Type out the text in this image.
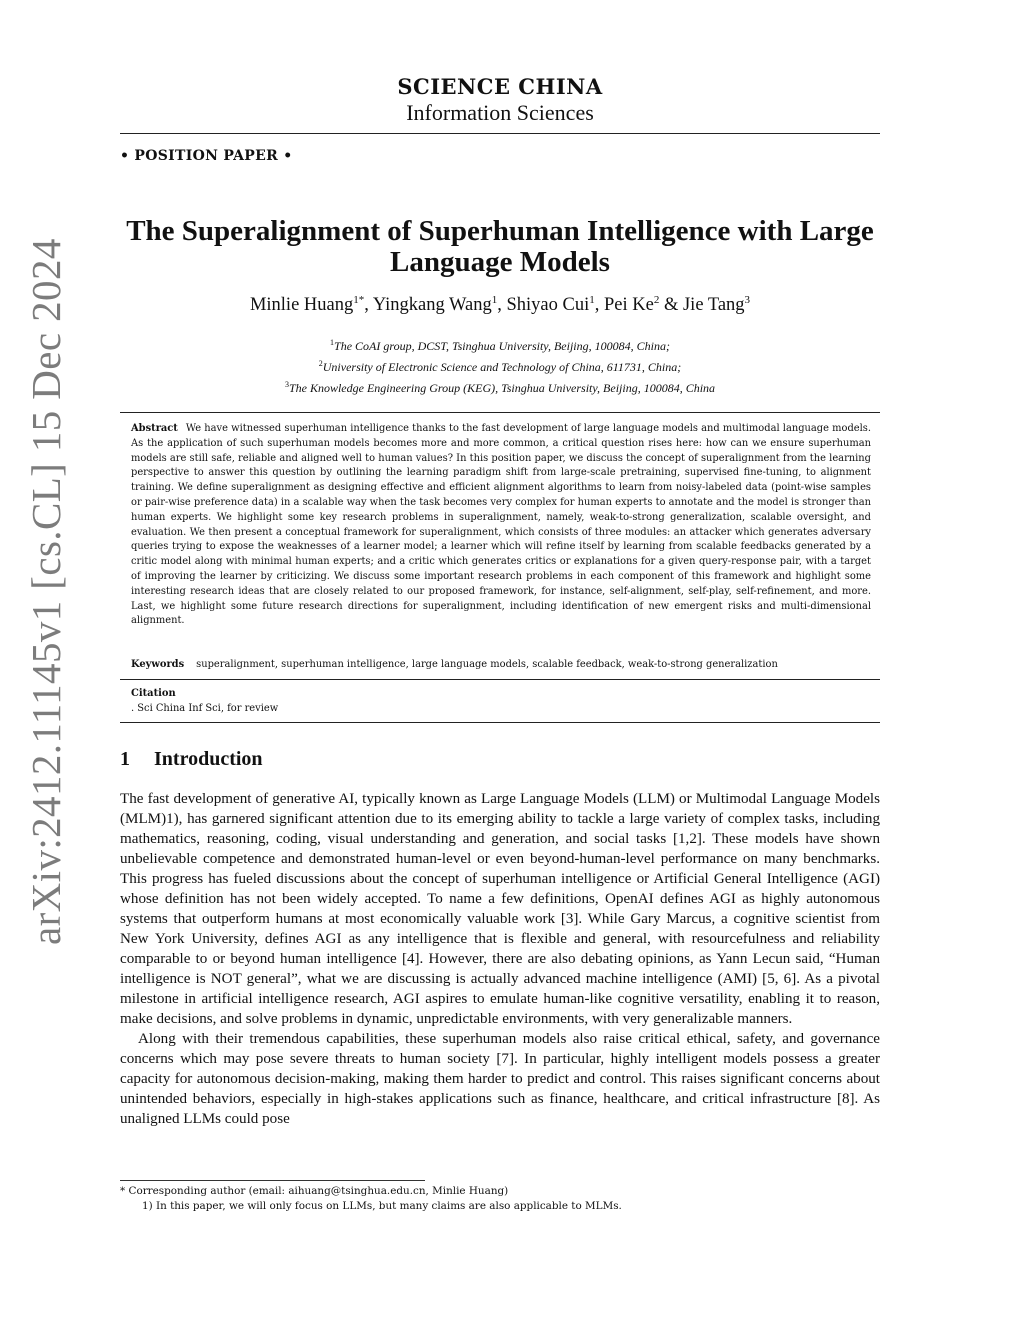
arXiv:2412.11145v1 [cs.CL] 15 Dec 2024
SCIENCE CHINA
Information Sciences
• POSITION PAPER •
The Superalignment of Superhuman Intelligence with Large Language Models
Minlie Huang$^{1*}$, Yingkang Wang$^1$, Shiyao Cui$^1$, Pei Ke$^2$ & Jie Tang$^3$
$^1$The CoAI group, DCST, Tsinghua University, Beijing, 100084, China;
$^2$University of Electronic Science and Technology of China, 611731, China;
$^3$The Knowledge Engineering Group (KEG), Tsinghua University, Beijing, 100084, China
Abstract We have witnessed superhuman intelligence thanks to the fast development of large language models and multimodal language models. As the application of such superhuman models becomes more and more common, a critical question rises here: how can we ensure superhuman models are still safe, reliable and aligned well to human values? In this position paper, we discuss the concept of superalignment from the learning perspective to answer this question by outlining the learning paradigm shift from large-scale pretraining, supervised fine-tuning, to alignment training. We define superalignment as designing effective and efficient alignment algorithms to learn from noisy-labeled data (point-wise samples or pair-wise preference data) in a scalable way when the task becomes very complex for human experts to annotate and the model is stronger than human experts. We highlight some key research problems in superalignment, namely, weak-to-strong generalization, scalable oversight, and evaluation. We then present a conceptual framework for superalignment, which consists of three modules: an attacker which generates adversary queries trying to expose the weaknesses of a learner model; a learner which will refine itself by learning from scalable feedbacks generated by a critic model along with minimal human experts; and a critic which generates critics or explanations for a given query-response pair, with a target of improving the learner by criticizing. We discuss some important research problems in each component of this framework and highlight some interesting research ideas that are closely related to our proposed framework, for instance, self-alignment, self-play, self-refinement, and more. Last, we highlight some future research directions for superalignment, including identification of new emergent risks and multi-dimensional alignment.
Keywords superalignment, superhuman intelligence, large language models, scalable feedback, weak-to-strong generalization
Citation
. Sci China Inf Sci, for review
1 Introduction

The fast development of generative AI, typically known as Large Language Models (LLM) or Multimodal Language Models (MLM)1), has garnered significant attention due to its emerging ability to tackle a large variety of complex tasks, including mathematics, reasoning, coding, visual understanding and generation, and social tasks [1,2]. These models have shown unbelievable competence and demonstrated human-level or even beyond-human-level performance on many benchmarks. This progress has fueled discussions about the concept of superhuman intelligence or Artificial General Intelligence (AGI) whose definition has not been widely accepted. To name a few definitions, OpenAI defines AGI as highly autonomous systems that outperform humans at most economically valuable work [3]. While Gary Marcus, a cognitive scientist from New York University, defines AGI as any intelligence that is flexible and general, with resourcefulness and reliability comparable to or beyond human intelligence [4]. However, there are also debating opinions, as Yann Lecun said, “Human intelligence is NOT general”, what we are discussing is actually advanced machine intelligence (AMI) [5, 6]. As a pivotal milestone in artificial intelligence research, AGI aspires to emulate human-like cognitive versatility, enabling it to reason, make decisions, and solve problems in dynamic, unpredictable environments, with very generalizable manners.

Along with their tremendous capabilities, these superhuman models also raise critical ethical, safety, and governance concerns which may pose severe threats to human society [7]. In particular, highly intelligent models possess a greater capacity for autonomous decision-making, making them harder to predict and control. This raises significant concerns about unintended behaviors, especially in high-stakes applications such as finance, healthcare, and critical infrastructure [8]. As unaligned LLMs could pose

* Corresponding author (email: aihuang@tsinghua.edu.cn, Minlie Huang)
1) In this paper, we will only focus on LLMs, but many claims are also applicable to MLMs.
